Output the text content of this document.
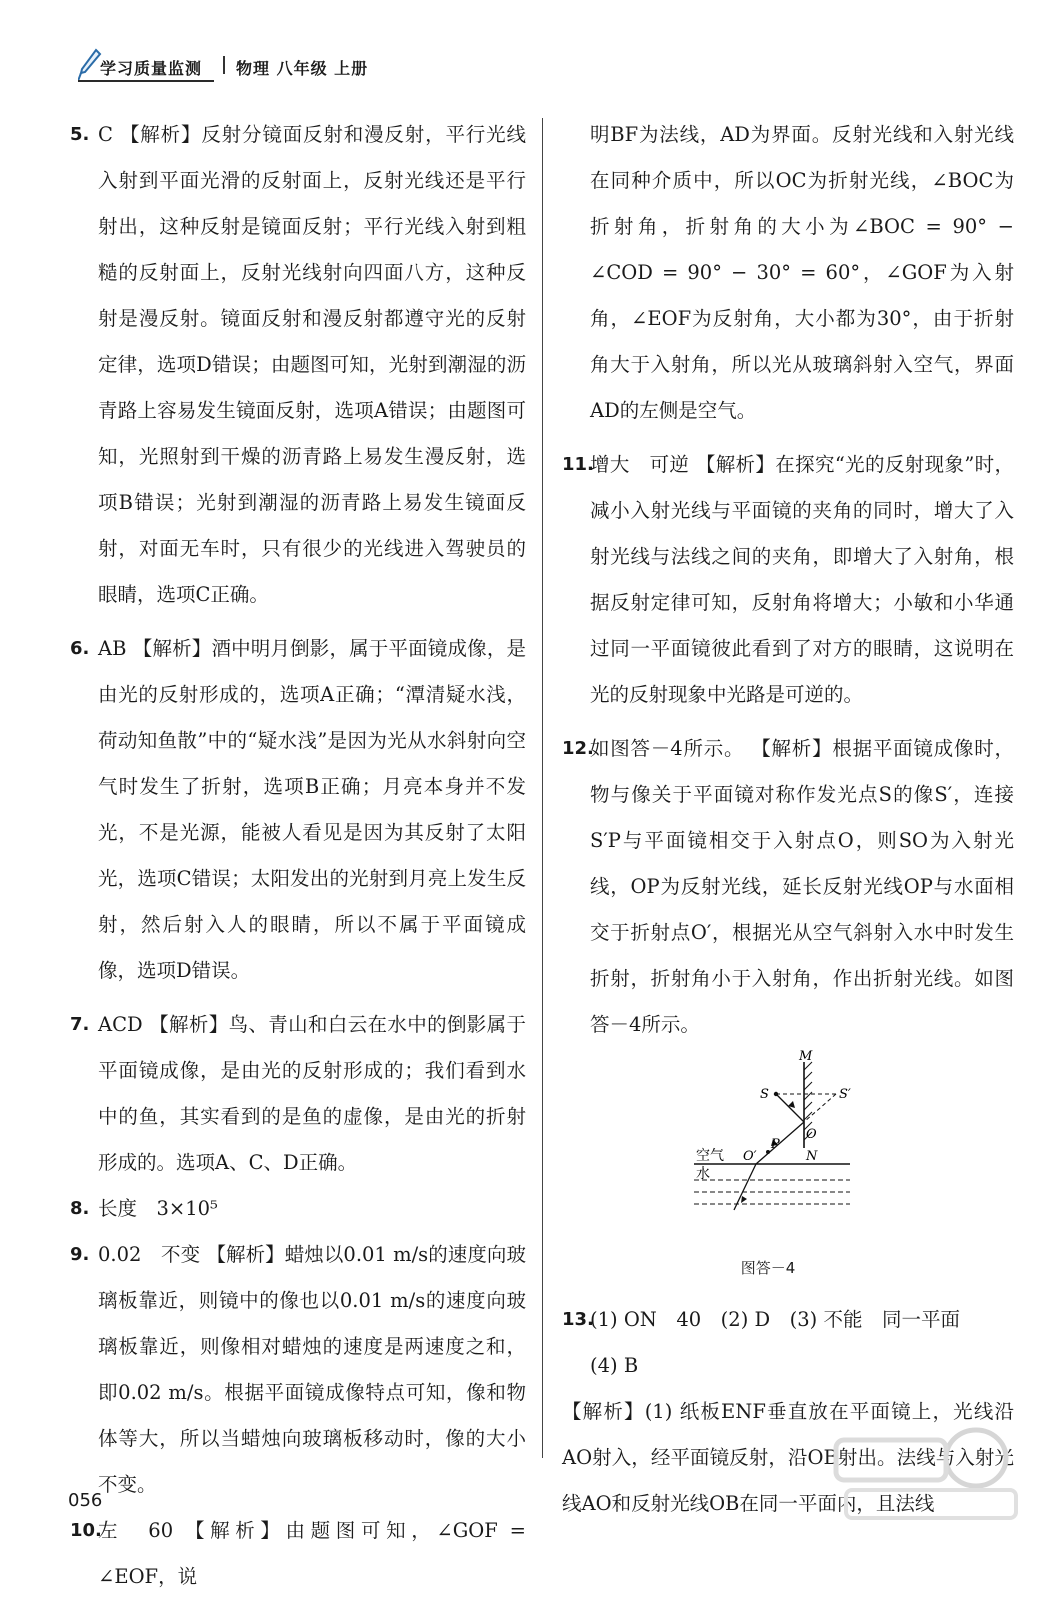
学习质量监测 物理 八年级 上册

5. C 【解析】反射分镜面反射和漫反射，平行光线入射到平面光滑的反射面上，反射光线还是平行射出，这种反射是镜面反射；平行光线入射到粗糙的反射面上，反射光线射向四面八方，这种反射是漫反射。镜面反射和漫反射都遵守光的反射定律，选项D错误；由题图可知，光射到潮湿的沥青路上容易发生镜面反射，选项A错误；由题图可知，光照射到干燥的沥青路上易发生漫反射，选项B错误；光射到潮湿的沥青路上易发生镜面反射，对面无车时，只有很少的光线进入驾驶员的眼睛，选项C正确。

6. AB 【解析】酒中明月倒影，属于平面镜成像，是由光的反射形成的，选项A正确；“潭清疑水浅，荷动知鱼散”中的“疑水浅”是因为光从水斜射向空气时发生了折射，选项B正确；月亮本身并不发光，不是光源，能被人看见是因为其反射了太阳光，选项C错误；太阳发出的光射到月亮上发生反射，然后射入人的眼睛，所以不属于平面镜成像，选项D错误。

7. ACD 【解析】鸟、青山和白云在水中的倒影属于平面镜成像，是由光的反射形成的；我们看到水中的鱼，其实看到的是鱼的虚像，是由光的折射形成的。选项A、C、D正确。

8. 长度　3×10⁵

9. 0.02　不变 【解析】蜡烛以0.01 m/s的速度向玻璃板靠近，则镜中的像也以0.01 m/s的速度向玻璃板靠近，则像相对蜡烛的速度是两速度之和，即0.02 m/s。根据平面镜成像特点可知，像和物体等大，所以当蜡烛向玻璃板移动时，像的大小不变。

10.
左　60 【解析】由题图可知，∠GOF = ∠EOF，说

明BF为法线，AD为界面。反射光线和入射光线在同种介质中，所以OC为折射光线，∠BOC为折射角，折射角的大小为∠BOC = 90° − ∠COD = 90° − 30° = 60°，∠GOF为入射角，∠EOF为反射角，大小都为30°，由于折射角大于入射角，所以光从玻璃斜射入空气，界面AD的左侧是空气。

11.
增大　可逆 【解析】在探究“光的反射现象”时，减小入射光线与平面镜的夹角的同时，增大了入射光线与法线之间的夹角，即增大了入射角，根据反射定律可知，反射角将增大；小敏和小华通过同一平面镜彼此看到了对方的眼睛，这说明在光的反射现象中光路是可逆的。

12.
如图答－4所示。 【解析】根据平面镜成像时，物与像关于平面镜对称作发光点S的像S′，连接S′P与平面镜相交于入射点O，则SO为入射光线，OP为反射光线，延长反射光线OP与水面相交于折射点O′，根据光从空气斜射入水中时发生折射，折射角小于入射角，作出折射光线。如图答－4所示。

M
N
S	S′
O
O′
P
空气
水
图答－4

13.
(1) ON　40　(2) D　(3) 不能　同一平面

(4) B

【解析】(1) 纸板ENF垂直放在平面镜上，光线沿AO射入，经平面镜反射，沿OB射出。法线与入射光线AO和反射光线OB在同一平面内，且法线

056
